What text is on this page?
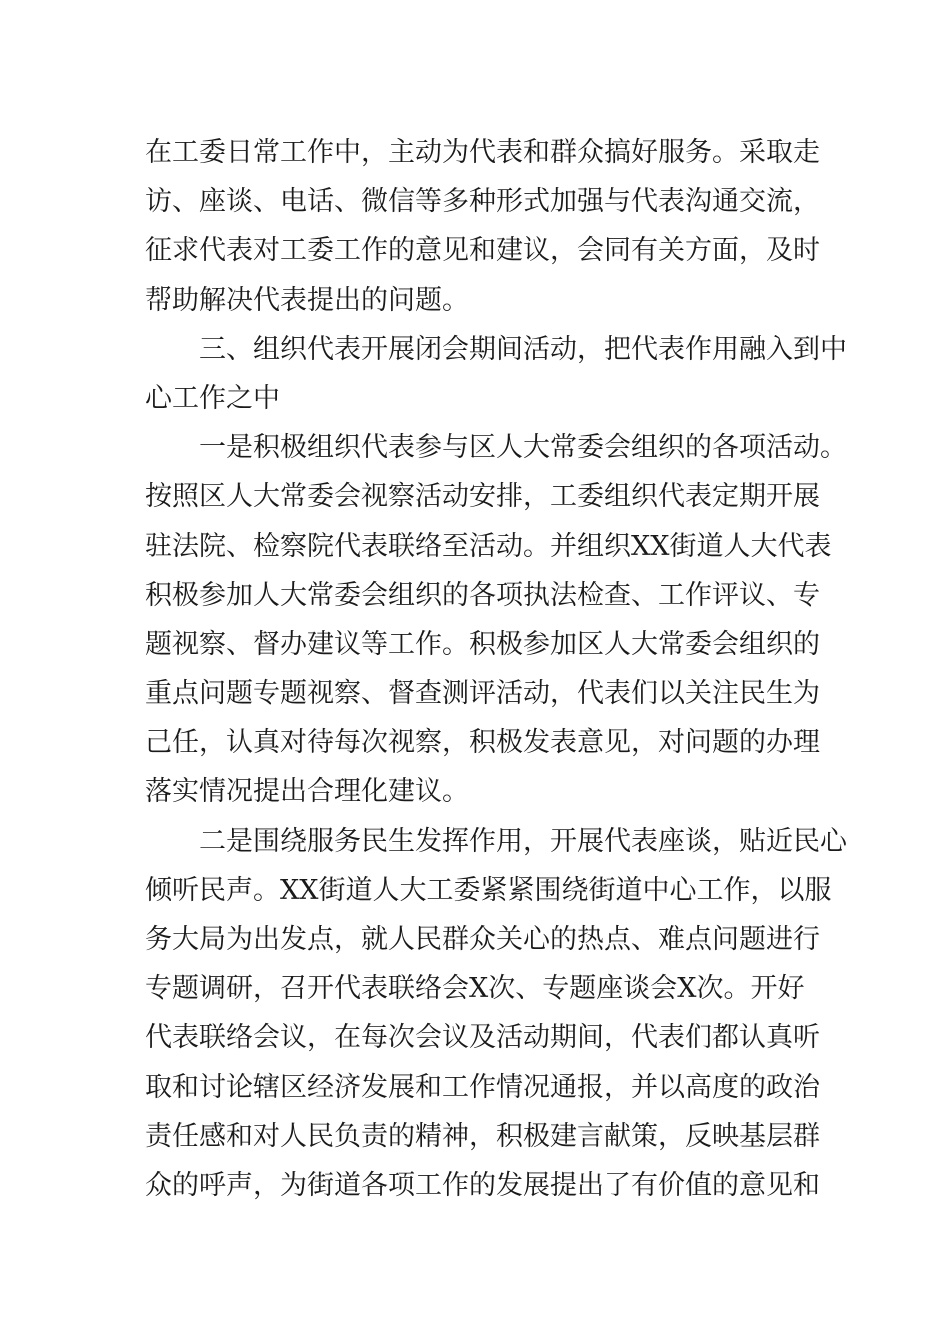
在工委日常工作中，主动为代表和群众搞好服务。采取走
访、座谈、电话、微信等多种形式加强与代表沟通交流，
征求代表对工委工作的意见和建议，会同有关方面，及时
帮助解决代表提出的问题。
三、组织代表开展闭会期间活动，把代表作用融入到中
心工作之中
一是积极组织代表参与区人大常委会组织的各项活动。
按照区人大常委会视察活动安排，工委组织代表定期开展
驻法院、检察院代表联络至活动。并组织XX街道人大代表
积极参加人大常委会组织的各项执法检查、工作评议、专
题视察、督办建议等工作。积极参加区人大常委会组织的
重点问题专题视察、督查测评活动，代表们以关注民生为
己任，认真对待每次视察，积极发表意见，对问题的办理
落实情况提出合理化建议。
二是围绕服务民生发挥作用，开展代表座谈，贴近民心
倾听民声。XX街道人大工委紧紧围绕街道中心工作，以服
务大局为出发点，就人民群众关心的热点、难点问题进行
专题调研，召开代表联络会X次、专题座谈会X次。开好
代表联络会议，在每次会议及活动期间，代表们都认真听
取和讨论辖区经济发展和工作情况通报，并以高度的政治
责任感和对人民负责的精神，积极建言献策，反映基层群
众的呼声，为街道各项工作的发展提出了有价值的意见和
